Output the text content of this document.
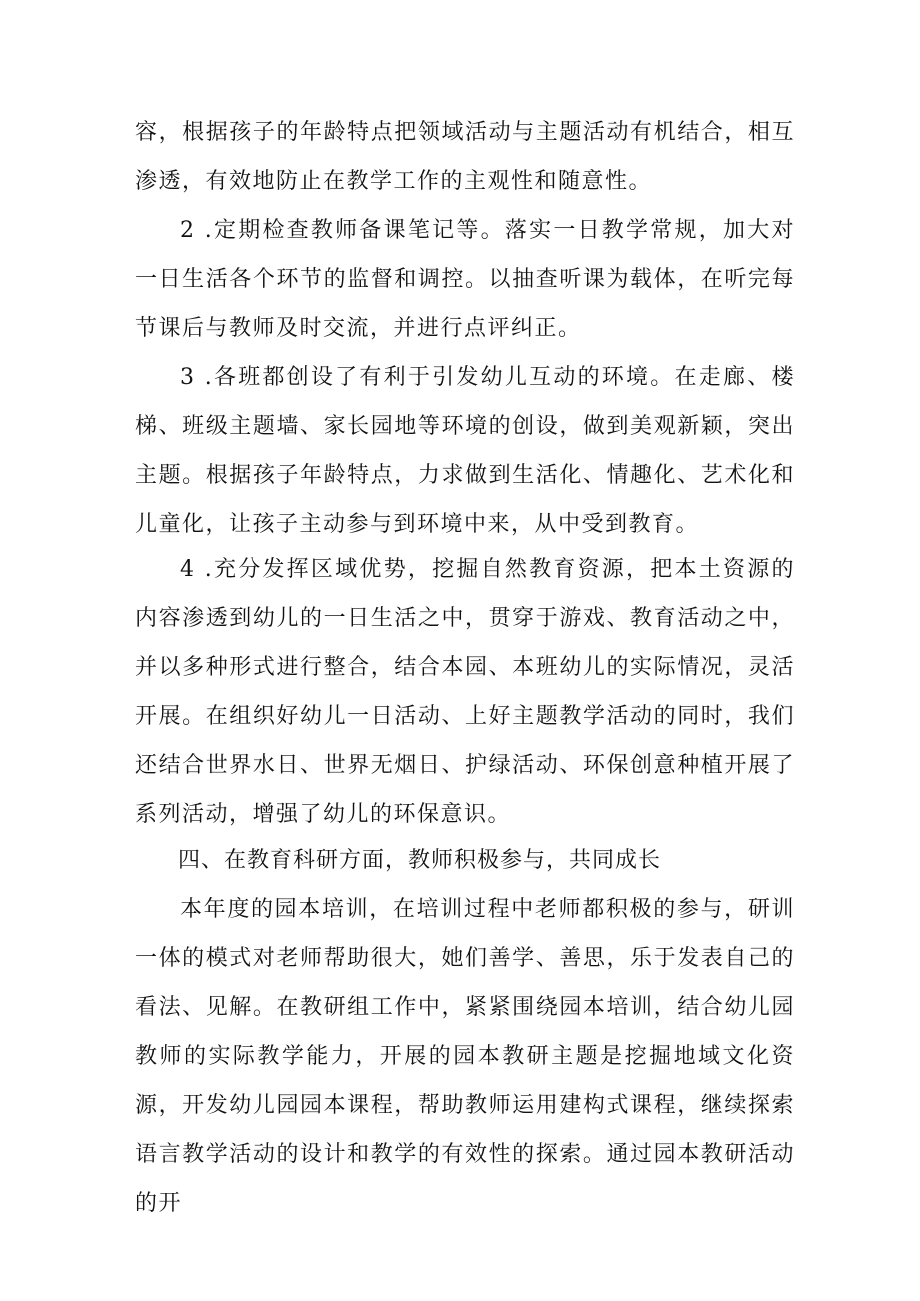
容，根据孩子的年龄特点把领域活动与主题活动有机结合，相互渗透，有效地防止在教学工作的主观性和随意性。

2 .定期检查教师备课笔记等。落实一日教学常规，加大对一日生活各个环节的监督和调控。以抽查听课为载体，在听完每节课后与教师及时交流，并进行点评纠正。

3 .各班都创设了有利于引发幼儿互动的环境。在走廊、楼梯、班级主题墙、家长园地等环境的创设，做到美观新颖，突出主题。根据孩子年龄特点，力求做到生活化、情趣化、艺术化和儿童化，让孩子主动参与到环境中来，从中受到教育。

4 .充分发挥区域优势，挖掘自然教育资源，把本土资源的内容渗透到幼儿的一日生活之中，贯穿于游戏、教育活动之中，并以多种形式进行整合，结合本园、本班幼儿的实际情况，灵活开展。在组织好幼儿一日活动、上好主题教学活动的同时，我们还结合世界水日、世界无烟日、护绿活动、环保创意种植开展了系列活动，增强了幼儿的环保意识。

四、在教育科研方面，教师积极参与，共同成长

本年度的园本培训，在培训过程中老师都积极的参与，研训一体的模式对老师帮助很大，她们善学、善思，乐于发表自己的看法、见解。在教研组工作中，紧紧围绕园本培训，结合幼儿园教师的实际教学能力，开展的园本教研主题是挖掘地域文化资源，开发幼儿园园本课程，帮助教师运用建构式课程，继续探索语言教学活动的设计和教学的有效性的探索。通过园本教研活动的开
